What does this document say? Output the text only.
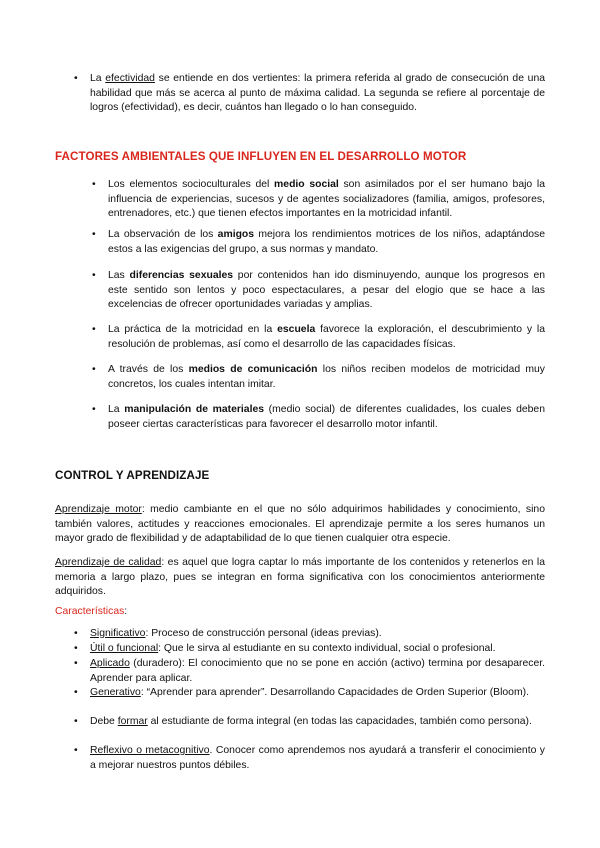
• La efectividad se entiende en dos vertientes: la primera referida al grado de consecución de una habilidad que más se acerca al punto de máxima calidad. La segunda se refiere al porcentaje de logros (efectividad), es decir, cuántos han llegado o lo han conseguido.

FACTORES AMBIENTALES QUE INFLUYEN EN EL DESARROLLO MOTOR
• Los elementos socioculturales del medio social son asimilados por el ser humano bajo la influencia de experiencias, sucesos y de agentes socializadores (familia, amigos, profesores, entrenadores, etc.) que tienen efectos importantes en la motricidad infantil.

• La observación de los amigos mejora los rendimientos motrices de los niños, adaptándose estos a las exigencias del grupo, a sus normas y mandato.

• Las diferencias sexuales por contenidos han ido disminuyendo, aunque los progresos en este sentido son lentos y poco espectaculares, a pesar del elogio que se hace a las excelencias de ofrecer oportunidades variadas y amplias.

• La práctica de la motricidad en la escuela favorece la exploración, el descubrimiento y la resolución de problemas, así como el desarrollo de las capacidades físicas.

• A través de los medios de comunicación los niños reciben modelos de motricidad muy concretos, los cuales intentan imitar.

• La manipulación de materiales (medio social) de diferentes cualidades, los cuales deben poseer ciertas características para favorecer el desarrollo motor infantil.

CONTROL Y APRENDIZAJE

Aprendizaje motor: medio cambiante en el que no sólo adquirimos habilidades y conocimiento, sino también valores, actitudes y reacciones emocionales. El aprendizaje permite a los seres humanos un mayor grado de flexibilidad y de adaptabilidad de lo que tienen cualquier otra especie.

Aprendizaje de calidad: es aquel que logra captar lo más importante de los contenidos y retenerlos en la memoria a largo plazo, pues se integran en forma significativa con los conocimientos anteriormente adquiridos.

Características:

• Significativo: Proceso de construcción personal (ideas previas).

• Útil o funcional: Que le sirva al estudiante en su contexto individual, social o profesional.

• Aplicado (duradero): El conocimiento que no se pone en acción (activo) termina por desaparecer. Aprender para aplicar.

• Generativo: “Aprender para aprender”. Desarrollando Capacidades de Orden Superior (Bloom).

• Debe formar al estudiante de forma integral (en todas las capacidades, también como persona).

• Reflexivo o metacognitivo. Conocer como aprendemos nos ayudará a transferir el conocimiento y a mejorar nuestros puntos débiles.
